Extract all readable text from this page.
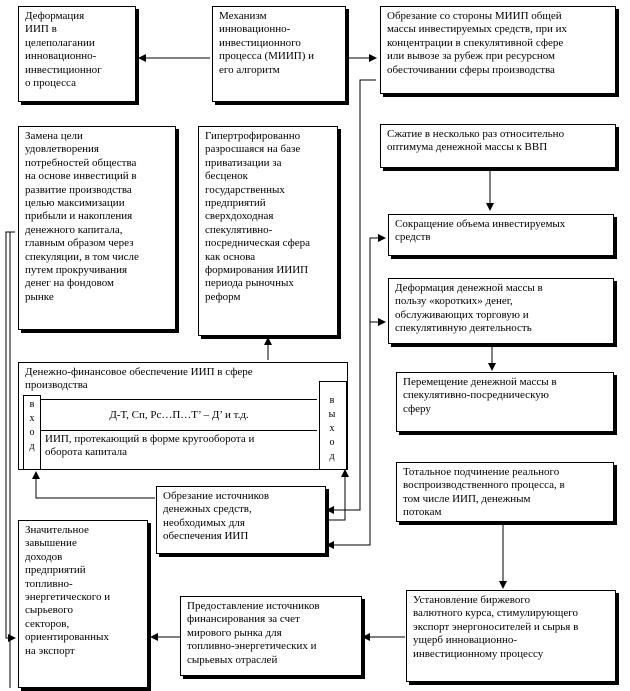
Деформация
ИИП в
целеполагании
инновационно-
инвестиционног
о процесса
Механизм
инновационно-
инвестиционного
процесса (МИИП) и
его алгоритм
Обрезание со стороны МИИП общей
массы инвестируемых средств, при их
концентрации в спекулятивной сфере
или вывозе за рубеж при ресурсном
обесточивании сферы производства
Замена цели
удовлетворения
потребностей общества
на основе инвестиций в
развитие производства
целью максимизации
прибыли и накопления
денежного капитала,
главным образом через
спекуляции, в том числе
путем прокручивания
денег на фондовом
рынке
Гипертрофированно
разросшаяся на базе
приватизации за
бесценок
государственных
предприятий
сверхдоходная
спекулятивно-
посредническая сфера
как основа
формирования ИИИП
периода рыночных
реформ
Сжатие в несколько раз относительно
оптимума денежной массы к ВВП
Сокращение объема инвестируемых
средств
Деформация денежной массы в
пользу «коротких» денег,
обслуживающих торговую и
спекулятивную деятельность
Денежно-финансовое обеспечение ИИП в сфере
производства
в
х
о
д
в
ы
х
о
д
Д-Т, Сп, Рс…П…Т’ – Д’ и т.д.
ИИП, протекающий в форме кругооборота и
оборота капитала
Перемещение денежной массы в
спекулятивно-посредническую
сферу
Тотальное подчинение реального
воспроизводственного процесса, в
том числе ИИП, денежным
потокам
Обрезание источников
денежных средств,
необходимых для
обеспечения ИИП
Значительное
завышение
доходов
предприятий
топливно-
энергетического и
сырьевого
секторов,
ориентированных
на экспорт
Предоставление источников
финансирования за счет
мирового рынка для
топливно-энергетических и
сырьевых отраслей
Установление биржевого
валютного курса, стимулирующего
экспорт энергоносителей и сырья в
ущерб инновационно-
инвестиционному процессу
